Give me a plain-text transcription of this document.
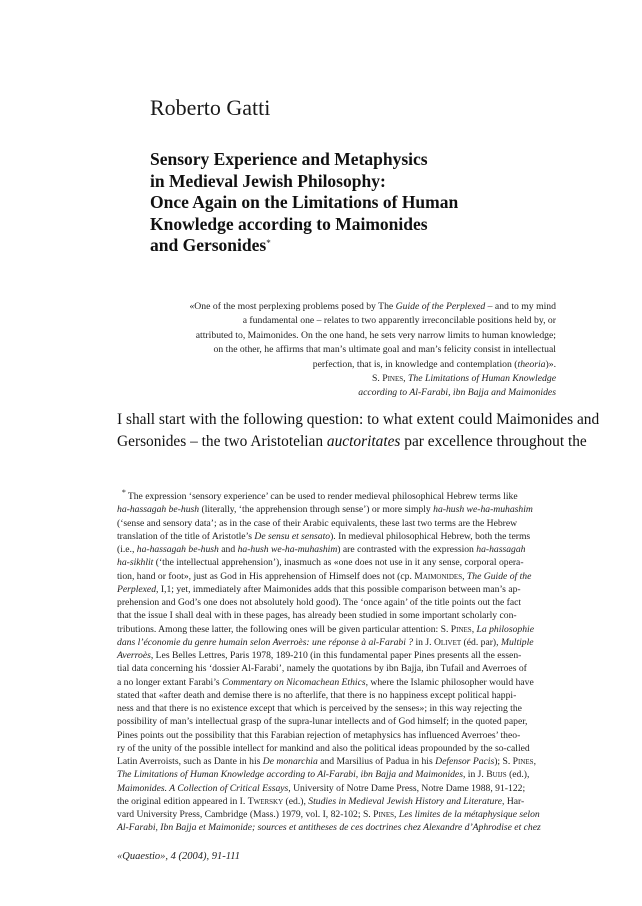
Roberto Gatti
Sensory Experience and Metaphysics
in Medieval Jewish Philosophy:
Once Again on the Limitations of Human
Knowledge according to Maimonides
and Gersonides*
«One of the most perplexing problems posed by The Guide of the Perplexed – and to my mind
a fundamental one – relates to two apparently irreconcilable positions held by, or
attributed to, Maimonides. On the one hand, he sets very narrow limits to human knowledge;
on the other, he affirms that man’s ultimate goal and man’s felicity consist in intellectual
perfection, that is, in knowledge and contemplation (theoria)».
S. Pines, The Limitations of Human Knowledge
according to Al-Farabi, ibn Bajja and Maimonides
I shall start with the following question: to what extent could Maimonides and
Gersonides – the two Aristotelian auctoritates par excellence throughout the
* The expression ‘sensory experience’ can be used to render medieval philosophical Hebrew terms like
ha-hassagah be-hush (literally, ‘the apprehension through sense’) or more simply ha-hush we-ha-muhashim
(‘sense and sensory data’; as in the case of their Arabic equivalents, these last two terms are the Hebrew
translation of the title of Aristotle’s De sensu et sensato). In medieval philosophical Hebrew, both the terms
(i.e., ha-hassagah be-hush and ha-hush we-ha-muhashim) are contrasted with the expression ha-hassagah
ha-sikhlit (‘the intellectual apprehension’), inasmuch as «one does not use in it any sense, corporal opera-
tion, hand or foot», just as God in His apprehension of Himself does not (cp. Maimonides, The Guide of the
Perplexed, I,1; yet, immediately after Maimonides adds that this possible comparison between man’s ap-
prehension and God’s one does not absolutely hold good). The ‘once again’ of the title points out the fact
that the issue I shall deal with in these pages, has already been studied in some important scholarly con-
tributions. Among these latter, the following ones will be given particular attention: S. Pines, La philosophie
dans l’économie du genre humain selon Averroès: une réponse à al-Farabi ? in J. Olivet (éd. par), Multiple
Averroès, Les Belles Lettres, Paris 1978, 189-210 (in this fundamental paper Pines presents all the essen-
tial data concerning his ‘dossier Al-Farabi’, namely the quotations by ibn Bajja, ibn Tufail and Averroes of
a no longer extant Farabi’s Commentary on Nicomachean Ethics, where the Islamic philosopher would have
stated that «after death and demise there is no afterlife, that there is no happiness except political happi-
ness and that there is no existence except that which is perceived by the senses»; in this way rejecting the
possibility of man’s intellectual grasp of the supra-lunar intellects and of God himself; in the quoted paper,
Pines points out the possibility that this Farabian rejection of metaphysics has influenced Averroes’ theo-
ry of the unity of the possible intellect for mankind and also the political ideas propounded by the so-called
Latin Averroists, such as Dante in his De monarchia and Marsilius of Padua in his Defensor Pacis); S. Pines,
The Limitations of Human Knowledge according to Al-Farabi, ibn Bajja and Maimonides, in J. Buijs (ed.),
Maimonides. A Collection of Critical Essays, University of Notre Dame Press, Notre Dame 1988, 91-122;
the original edition appeared in I. Twersky (ed.), Studies in Medieval Jewish History and Literature, Har-
vard University Press, Cambridge (Mass.) 1979, vol. I, 82-102; S. Pines, Les limites de la métaphysique selon
Al-Farabi, Ibn Bajja et Maimonide; sources et antitheses de ces doctrines chez Alexandre d’Aphrodise et chez
«Quaestio», 4 (2004), 91-111
